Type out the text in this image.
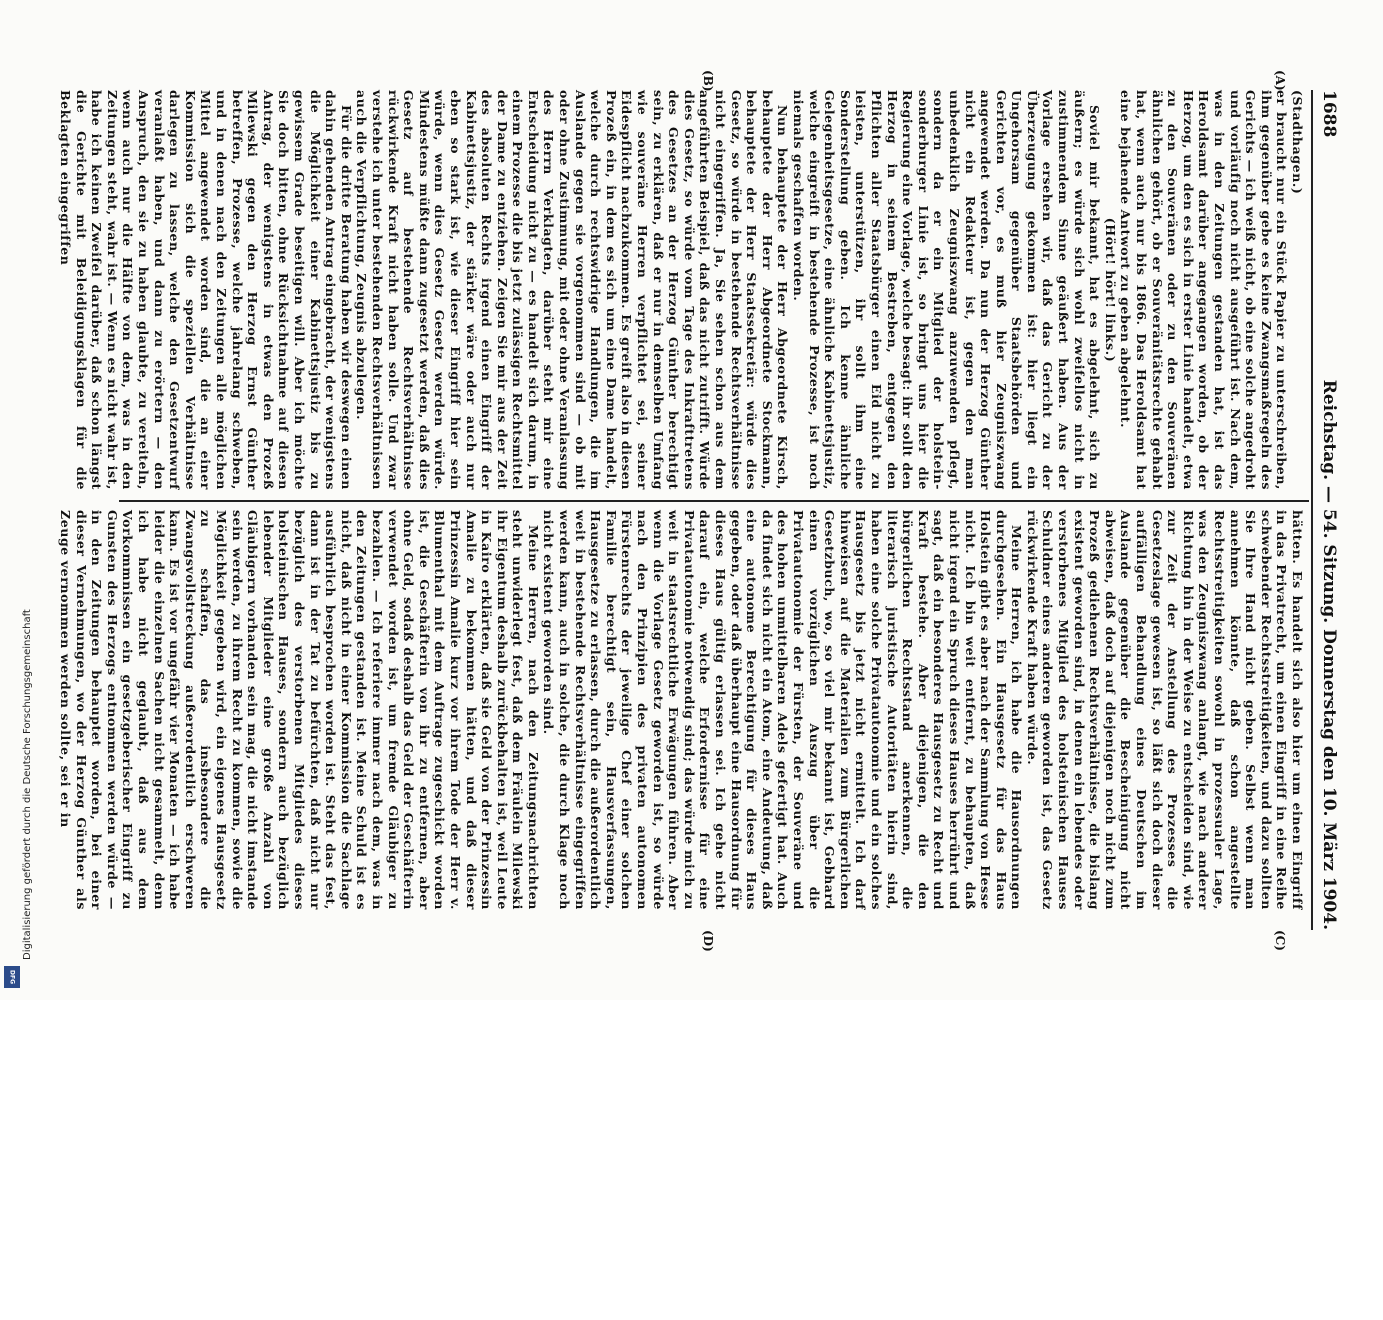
1688
Reichstag. — 54. Sitzung. Donnerstag den 10. März 1904.
(A)
(B)
(C)
(D)

(Stadthagen.)

er braucht nur ein Stück Papier zu unterschreiben, ihm gegenüber gebe es keine Zwangsmaßregeln des Gerichts — ich weiß nicht, ob eine solche angedroht und vorläufig noch nicht ausgeführt ist. Nach dem, was in den Zeitungen gestanden hat, ist das Heroldsamt darüber angegangen worden, ob der Herzog, um den es sich in erster Linie handelt, etwa zu den Souveränen oder zu den Souveränen ähnlichen gehört, ob er Souveränitätsrechte gehabt hat, wenn auch nur bis 1866. Das Heroldsamt hat eine bejahende Antwort zu geben abgelehnt.

(Hört! hört! links.)

Soviel mir bekannt, hat es abgelehnt, sich zu äußern; es würde sich wohl zweifellos nicht in zustimmendem Sinne geäußert haben. Aus der Vorlage ersehen wir, daß das Gericht zu der Überzeugung gekommen ist: hier liegt ein Ungehorsam gegenüber Staatsbehörden und Gerichten vor, es muß hier Zeugniszwang angewendet werden. Da nun der Herzog Günther nicht ein Redakteur ist, gegen den man unbedenklich Zeugniszwang anzuwenden pflegt, sondern da er ein Mitglied der holstein-sonderburger Linie ist, so bringt uns hier die Regierung eine Vorlage, welche besagt: ihr sollt den Herzog in seinem Bestreben, entgegen den Pflichten aller Staatsbürger einen Eid nicht zu leisten, unterstützen, ihr sollt ihm eine Sonderstellung geben. Ich kenne ähnliche Gelegenheitsgesetze, eine ähnliche Kabinettsjustiz, welche eingreift in bestehende Prozesse, ist noch niemals geschaffen worden.

Nun behauptete der Herr Abgeordnete Kirsch, behauptete der Herr Abgeordnete Stockmann, behauptete der Herr Staatssekretär: würde dies Gesetz, so würde in bestehende Rechtsverhältnisse nicht eingegriffen. Ja, Sie sehen schon aus dem angeführten Beispiel, daß das nicht zutrifft. Würde dies Gesetz, so würde vom Tage des Inkrafttretens des Gesetzes an der Herzog Günther berechtigt sein, zu erklären, daß er nur in demselben Umfang wie souveräne Herren verpflichtet sei, seiner Eidespflicht nachzukommen. Es greift also in diesen Prozeß ein, in dem es sich um eine Dame handelt, welche durch rechtswidrige Handlungen, die im Auslande gegen sie vorgenommen sind — ob mit oder ohne Zustimmung, mit oder ohne Veranlassung des Herrn Verklagten, darüber steht mir eine Entscheidung nicht zu — es handelt sich darum, in einem Prozesse die bis jetzt zulässigen Rechtsmittel der Dame zu entziehen. Zeigen Sie mir aus der Zeit des absoluten Rechts irgend einen Eingriff der Kabinettsjustiz, der stärker wäre oder auch nur eben so stark ist, wie dieser Eingriff hier sein würde, wenn dies Gesetz Gesetz werden würde. Mindestens müßte dann zugesetzt werden, daß dies Gesetz auf bestehende Rechtsverhältnisse rückwirkende Kraft nicht haben solle. Und zwar verstehe ich unter bestehenden Rechtsverhältnissen auch die Verpflichtung, Zeugnis abzulegen.

Für die dritte Beratung haben wir deswegen einen dahin gehenden Antrag eingebracht, der wenigstens die Möglichkeit einer Kabinettsjustiz bis zu gewissem Grade beseitigen will. Aber ich möchte Sie doch bitten, ohne Rücksichtnahme auf diesen Antrag, der wenigstens in etwas den Prozeß Milewski gegen den Herzog Ernst Günther betreffen, Prozesse, welche jahrelang schweben, und in denen nach den Zeitungen alle möglichen Mittel angewendet worden sind, die an einer Kommission sich die speziellen Verhältnisse darlegen zu lassen, welche den Gesetzentwurf veranlaßt haben, und dann zu erörtern — den Anspruch, den sie zu haben glaubte, zu vereiteln, wenn auch nur die Hälfte von dem, was in den Zeitungen steht, wahr ist. — Wenn es nicht wahr ist, habe ich keinen Zweifel darüber, daß schon längst die Gerichte mit Beleidigungsklagen für die Beklagten eingegriffen

hätten. Es handelt sich also hier um einen Eingriff in das Privatrecht, um einen Eingriff in eine Reihe schwebender Rechtsstreitigkeiten, und dazu sollten Sie Ihre Hand nicht geben. Selbst wenn man annehmen könnte, daß schon angestellte Rechtsstreitigkeiten sowohl in prozessualer Lage, was den Zeugniszwang anlangt, wie nach anderer Richtung hin in der Weise zu entscheiden sind, wie zur Zeit der Anstellung des Prozesses die Gesetzeslage gewesen ist, so läßt sich doch dieser auffälligen Behandlung eines Deutschen im Auslande gegenüber die Bescheinigung nicht abweisen, daß doch auf diejenigen noch nicht zum Prozeß gediehenen Rechtsverhältnisse, die bislang existent geworden sind, in denen ein lebendes oder verstorbenes Mitglied des holsteinischen Hauses Schuldner eines anderen geworden ist, das Gesetz rückwirkende Kraft haben würde.

Meine Herren, ich habe die Hausordnungen durchgesehen. Ein Hausgesetz für das Haus Holstein gibt es aber nach der Sammlung von Hesse nicht. Ich bin weit entfernt, zu behaupten, daß nicht irgend ein Spruch dieses Hauses herrührt und sagt, daß ein besonderes Hausgesetz zu Recht und Kraft bestehe. Aber diejenigen, die den bürgerlichen Rechtsstand anerkennen, die literarisch juristische Autoritäten hierin sind, haben eine solche Privatautonomie und ein solches Hausgesetz bis jetzt nicht ermittelt. Ich darf hinweisen auf die Materialien zum Bürgerlichen Gesetzbuch, wo, so viel mir bekannt ist, Gebhard einen vorzüglichen Auszug über die Privatautonomie der Fürsten, der Souveräne und des hohen unmittelbaren Adels gefertigt hat. Auch da findet sich nicht ein Atom, eine Andeutung, daß eine autonome Berechtigung für dieses Haus gegeben, oder daß überhaupt eine Hausordnung für dieses Haus gültig erlassen sei. Ich gehe nicht darauf ein, welche Erfordernisse für eine Privatautonomie notwendig sind; das würde mich zu weit in staatsrechtliche Erwägungen führen. Aber wenn die Vorlage Gesetz geworden ist, so würde nach den Prinzipien des privaten autonomen Fürstenrechts der jeweilige Chef einer solchen Familie berechtigt sein, Hausverfassungen, Hausgesetze zu erlassen, durch die außerordentlich weit in bestehende Rechtsverhältnisse eingegriffen werden kann, auch in solche, die durch Klage noch nicht existent geworden sind.

Meine Herren, nach den Zeitungsnachrichten steht unwiderlegt fest, daß dem Fräulein Milewski ihr Eigentum deshalb zurückbehalten ist, weil Leute in Kairo erklärten, daß sie Geld von der Prinzessin Amalie zu bekommen hätten, und daß dieser Prinzessin Amalie kurz vor ihrem Tode der Herr v. Blumenthal mit dem Auftrage zugeschickt worden ist, die Geschäfterin von ihr zu entfernen, aber ohne Geld, sodaß deshalb das Geld der Geschäfterin verwendet worden ist, um fremde Gläubiger zu bezahlen. — Ich referiere immer nach dem, was in den Zeitungen gestanden ist. Meine Schuld ist es nicht, daß nicht in einer Kommission die Sachlage ausführlich besprochen worden ist. Steht das fest, dann ist in der Tat zu befürchten, daß nicht nur bezüglich des verstorbenen Mitgliedes dieses holsteinischen Hauses, sondern auch bezüglich lebender Mitglieder eine große Anzahl von Gläubigern vorhanden sein mag, die nicht imstande sein werden, zu ihrem Recht zu kommen, sowie die Möglichkeit gegeben wird, ein eigenes Hausgesetz zu schaffen, das insbesondere die Zwangsvollstreckung außerordentlich erschweren kann. Es ist vor ungefähr vier Monaten — ich habe leider die einzelnen Sachen nicht gesammelt, denn ich habe nicht geglaubt, daß aus dem Vorkommnissen ein gesetzgeberischer Eingriff zu Gunsten des Herzogs entnommen werden würde — in den Zeitungen behauptet worden, bei einer dieser Vernehmungen, wo der Herzog Günther als Zeuge vernommen werden sollte, sei er in

Digitalisierung gefördert durch die Deutsche Forschungsgemeinschaft
DFG
